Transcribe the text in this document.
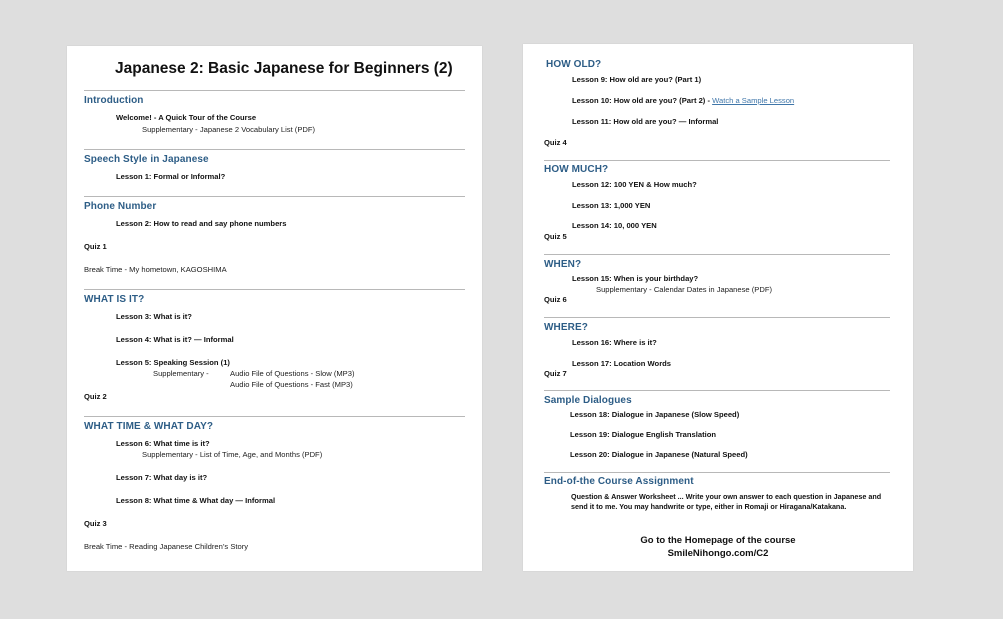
Japanese 2: Basic Japanese for Beginners (2)
Introduction
Welcome! - A Quick Tour of the Course
Supplementary - Japanese 2 Vocabulary List (PDF)
Speech Style in Japanese
Lesson 1: Formal or Informal?
Phone Number
Lesson 2: How to read and say phone numbers
Quiz 1
Break Time - My hometown, KAGOSHIMA
WHAT IS IT?
Lesson 3: What is it?
Lesson 4: What is it? — Informal
Lesson 5: Speaking Session (1)
Supplementary -	Audio File of Questions - Slow (MP3)
Audio File of Questions - Fast (MP3)
Quiz 2
WHAT TIME & WHAT DAY?
Lesson 6: What time is it?
Supplementary - List of Time, Age, and Months (PDF)
Lesson 7: What day is it?
Lesson 8: What time & What day — Informal
Quiz 3
Break Time - Reading Japanese Children’s Story
HOW OLD?
Lesson 9: How old are you? (Part 1)
Lesson 10: How old are you? (Part 2) - Watch a Sample Lesson
Lesson 11: How old are you? — Informal
Quiz 4
HOW MUCH?
Lesson 12: 100 YEN & How much?
Lesson 13: 1,000 YEN
Lesson 14: 10, 000 YEN
Quiz 5
WHEN?
Lesson 15: When is your birthday?
Supplementary - Calendar Dates in Japanese (PDF)
Quiz 6
WHERE?
Lesson 16: Where is it?
Lesson 17: Location Words
Quiz 7
Sample Dialogues
Lesson 18: Dialogue in Japanese (Slow Speed)
Lesson 19: Dialogue English Translation
Lesson 20: Dialogue in Japanese (Natural Speed)
End-of-the Course Assignment
Question & Answer Worksheet ... Write your own answer to each question in Japanese and
send it to me. You may handwrite or type, either in Romaji or Hiragana/Katakana.
Go to the Homepage of the course
SmileNihongo.com/C2
